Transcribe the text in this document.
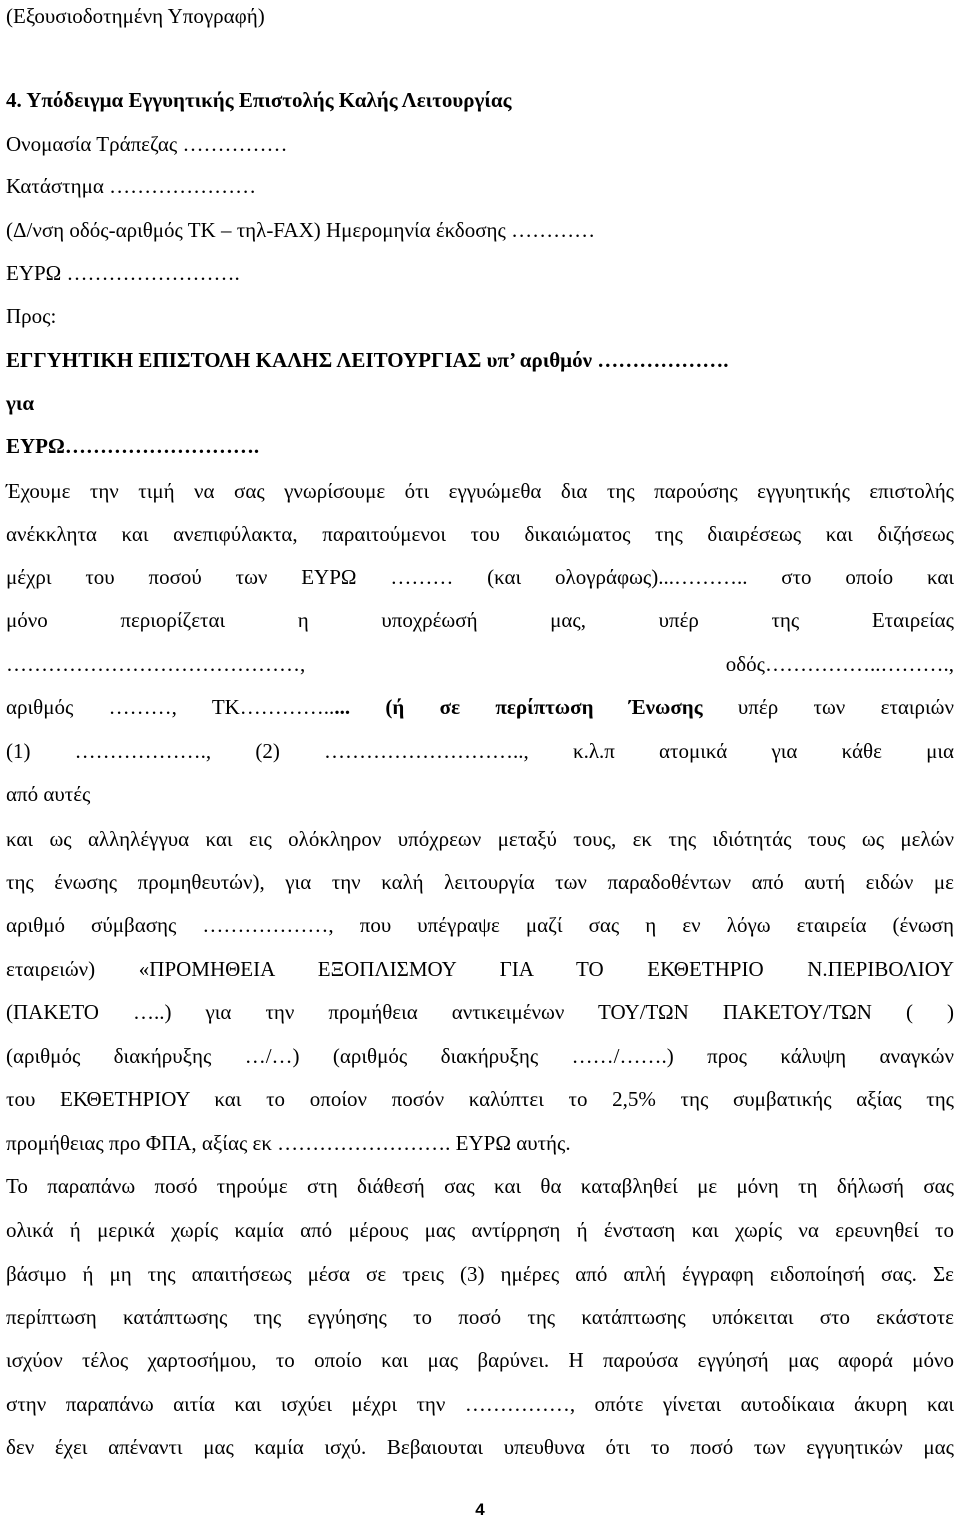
(Εξουσιοδοτημένη Υπογραφή)
4. Υπόδειγμα Εγγυητικής Επιστολής Καλής Λειτουργίας
Ονομασία Τράπεζας ……………
Κατάστημα …………………
(Δ/νση οδός-αριθμός ΤΚ – τηλ-FAX) Ημερομηνία έκδοσης …………
ΕΥΡΩ …………………….
Προς:
ΕΓΓΥΗΤΙΚΗ ΕΠΙΣΤΟΛΗ ΚΑΛΗΣ ΛΕΙΤΟΥΡΓΙΑΣ υπ’ αριθμόν ……………….
για
ΕΥΡΩ……………………….
Έχουμε την τιμή να σας γνωρίσουμε ότι εγγυώμεθα δια της παρούσης εγγυητικής επιστολής
ανέκκλητα και ανεπιφύλακτα, παραιτούμενοι του δικαιώματος της διαιρέσεως και διζήσεως
μέχρι του ποσού των ΕΥΡΩ ……… (και ολογράφως)...……….. στο οποίο και
μόνο περιορίζεται η υποχρέωσή μας, υπέρ της Εταιρείας
……………………………………, οδός……………..……….,
αριθμός ………, ΤΚ…………..... (ή σε περίπτωση Ένωσης υπέρ των εταιριών
(1) ………………., (2) ……………………….., κ.λ.π ατομικά για κάθε μια
από αυτές
και ως αλληλέγγυα και εις ολόκληρον υπόχρεων μεταξύ τους, εκ της ιδιότητάς τους ως μελών
της ένωσης προμηθευτών), για την καλή λειτουργία των παραδοθέντων από αυτή ειδών με
αριθμό σύμβασης ………………, που υπέγραψε μαζί σας η εν λόγω εταιρεία (ένωση
εταιρειών) «ΠΡΟΜΗΘΕΙΑ ΕΞΟΠΛΙΣΜΟΥ ΓΙΑ ΤΟ ΕΚΘΕΤΗΡΙΟ Ν.ΠΕΡΙΒΟΛΙΟΥ
(ΠΑΚΕΤΟ …..) για την προμήθεια αντικειμένων ΤΟΥ/ΤΩΝ ΠΑΚΕΤΟΥ/ΤΩΝ ( )
(αριθμός διακήρυξης …/…) (αριθμός διακήρυξης ……/…….) προς κάλυψη αναγκών
του ΕΚΘΕΤΗΡΙΟΥ και το οποίον ποσόν καλύπτει το 2,5% της συμβατικής αξίας της
προμήθειας προ ΦΠΑ, αξίας εκ ……………………. ΕΥΡΩ αυτής.
Το παραπάνω ποσό τηρούμε στη διάθεσή σας και θα καταβληθεί με μόνη τη δήλωσή σας
ολικά ή μερικά χωρίς καμία από μέρους μας αντίρρηση ή ένσταση και χωρίς να ερευνηθεί το
βάσιμο ή μη της απαιτήσεως μέσα σε τρεις (3) ημέρες από απλή έγγραφη ειδοποίησή σας. Σε
περίπτωση κατάπτωσης της εγγύησης το ποσό της κατάπτωσης υπόκειται στο εκάστοτε
ισχύον τέλος χαρτοσήμου, το οποίο και μας βαρύνει. Η παρούσα εγγύησή μας αφορά μόνο
στην παραπάνω αιτία και ισχύει μέχρι την ……………, οπότε γίνεται αυτοδίκαια άκυρη και
δεν έχει απέναντι μας καμία ισχύ. Βεβαιουται υπευθυνα ότι το ποσό των εγγυητικών μας
4
